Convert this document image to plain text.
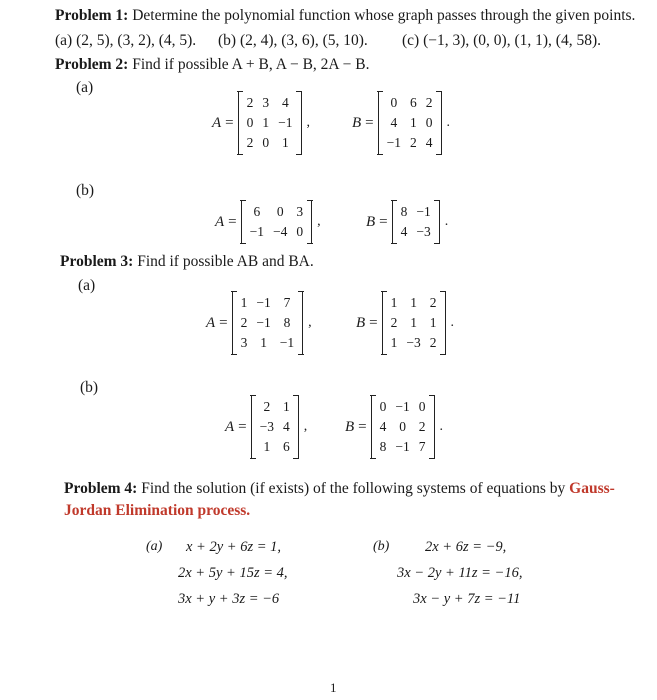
Problem 1: Determine the polynomial function whose graph passes through the given points.
(a) (2, 5), (3, 2), (4, 5). (b) (2, 4), (3, 6), (5, 10). (c) (−1, 3), (0, 0), (1, 1), (4, 58).
Problem 2: Find if possible A + B, A − B, 2A − B.
(a)
A =
2 3 4
0 1 −1
2 0 1
,	B =
0 6 2
4 1 0
−1 2 4
.
(b)
A =
6 0 3
−1 −4 0
,	B =
8 −1
4 −3
.
Problem 3: Find if possible AB and BA.
(a)
A =
1 −1 7
2 −1 8
3 1 −1
,	B =
1 1 2
2 1 1
1 −3 2
.
(b)
A =
2 1
−3 4
1 6
,	B =
0 −1 0
4 0 2
8 −1 7
.
Problem 4: Find the solution (if exists) of the following systems of equations by Gauss-
Jordan Elimination process.
(a)	x + 2y + 6z = 1,
2x + 5y + 15z = 4,
3x + y + 3z = −6
(b)	2x + 6z = −9,
3x − 2y + 11z = −16,
3x − y + 7z = −11
1
